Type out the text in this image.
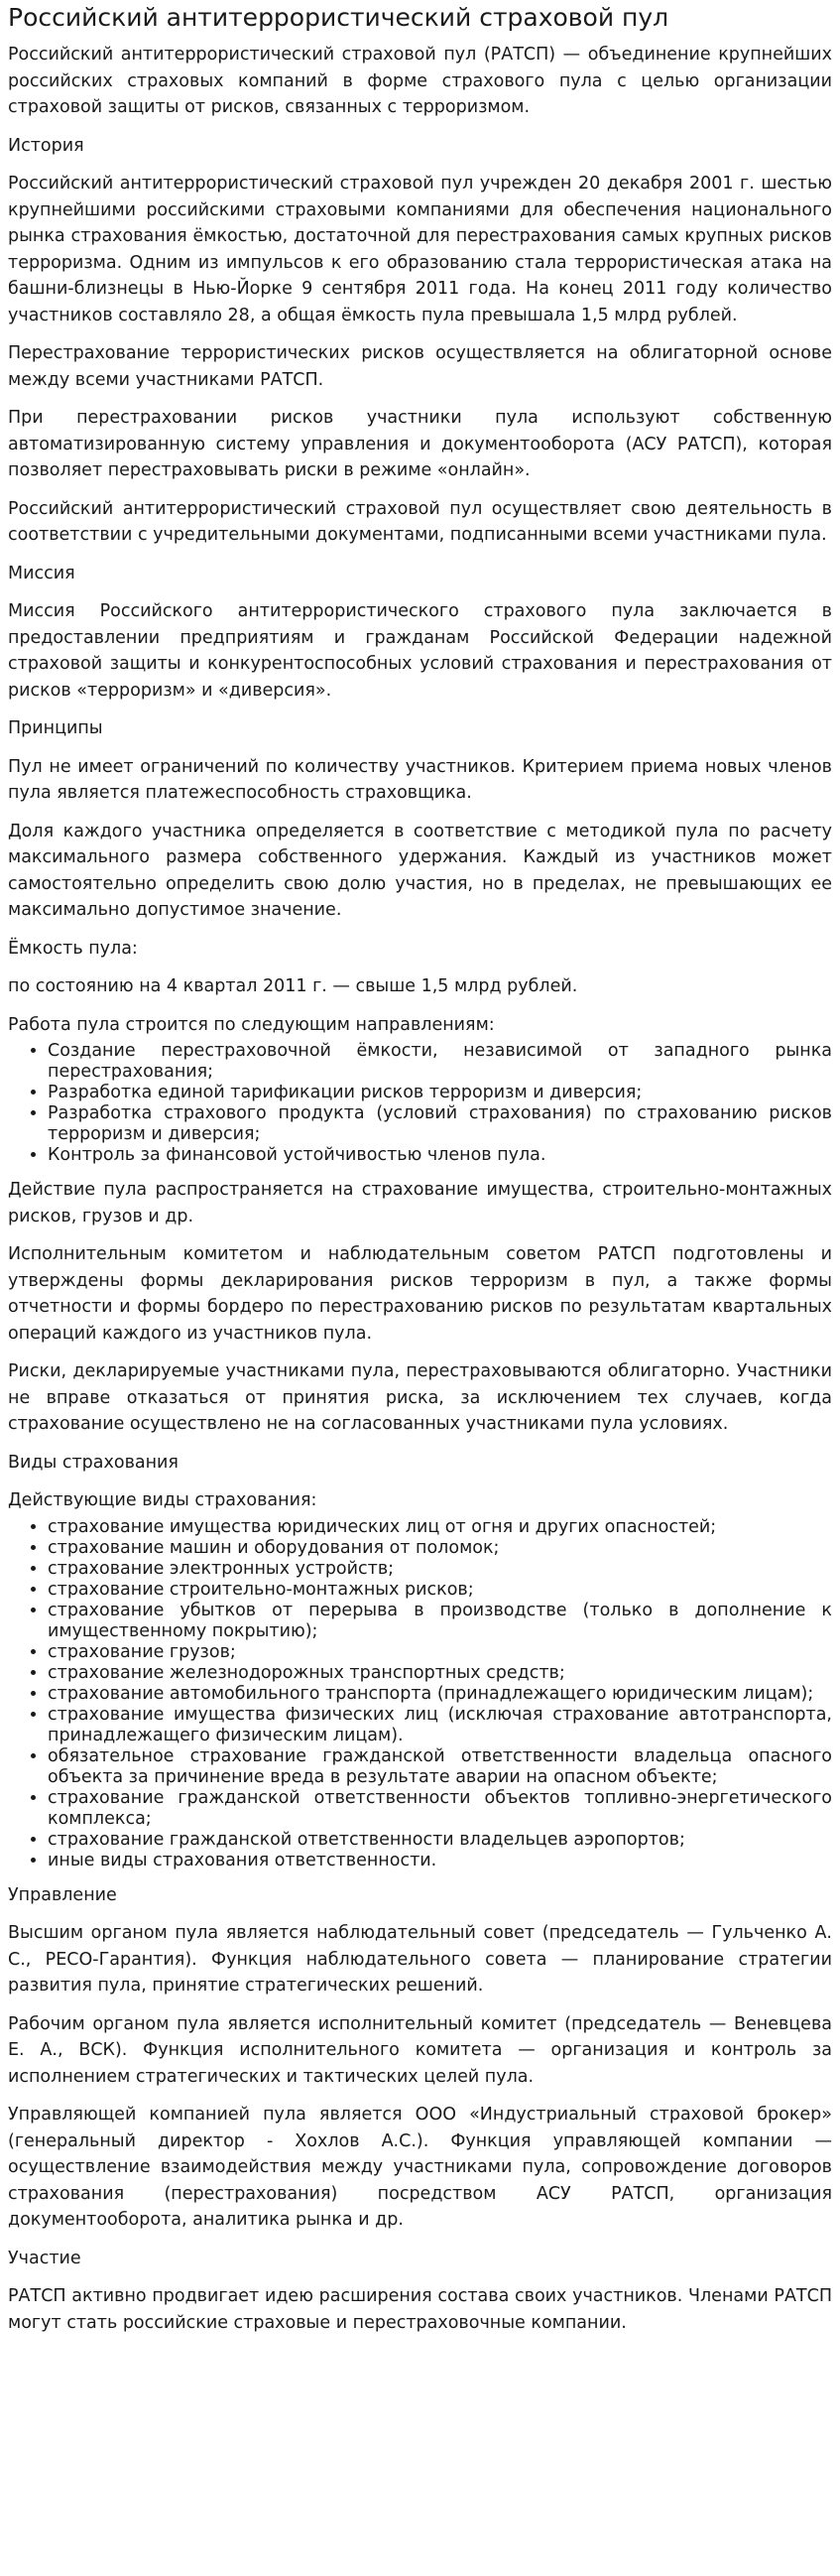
Российский антитеррористический страховой пул

Российский антитеррористический страховой пул (РАТСП) — объединение крупнейших российских страховых компаний в форме страхового пула с целью организации страховой защиты от рисков, связанных с терроризмом.

История

Российский антитеррористический страховой пул учрежден 20 декабря 2001 г. шестью крупнейшими российскими страховыми компаниями для обеспечения национального рынка страхования ёмкостью, достаточной для перестрахования самых крупных рисков терроризма. Одним из импульсов к его образованию стала террористическая атака на башни-близнецы в Нью-Йорке 9 сентября 2011 года. На конец 2011 году количество участников составляло 28, а общая ёмкость пула превышала 1,5 млрд рублей.

Перестрахование террористических рисков осуществляется на облигаторной основе между всеми участниками РАТСП.

При перестраховании рисков участники пула используют собственную автоматизированную систему управления и документооборота (АСУ РАТСП), которая позволяет перестраховывать риски в режиме «онлайн».

Российский антитеррористический страховой пул осуществляет свою деятельность в соответствии с учредительными документами, подписанными всеми участниками пула.

Миссия

Миссия Российского антитеррористического страхового пула заключается в предоставлении предприятиям и гражданам Российской Федерации надежной страховой защиты и конкурентоспособных условий страхования и перестрахования от рисков «терроризм» и «диверсия».

Принципы

Пул не имеет ограничений по количеству участников. Критерием приема новых членов пула является платежеспособность страховщика.

Доля каждого участника определяется в соответствие с методикой пула по расчету максимального размера собственного удержания. Каждый из участников может самостоятельно определить свою долю участия, но в пределах, не превышающих ее максимально допустимое значение.

Ёмкость пула:

по состоянию на 4 квартал 2011 г. — свыше 1,5 млрд рублей.

Работа пула строится по следующим направлениям:

• Создание перестраховочной ёмкости, независимой от западного рынка перестрахования;
• Разработка единой тарификации рисков терроризм и диверсия;
• Разработка страхового продукта (условий страхования) по страхованию рисков терроризм и диверсия;
• Контроль за финансовой устойчивостью членов пула.

Действие пула распространяется на страхование имущества, строительно-монтажных рисков, грузов и др.

Исполнительным комитетом и наблюдательным советом РАТСП подготовлены и утверждены формы декларирования рисков терроризм в пул, а также формы отчетности и формы бордеро по перестрахованию рисков по результатам квартальных операций каждого из участников пула.

Риски, декларируемые участниками пула, перестраховываются облигаторно. Участники не вправе отказаться от принятия риска, за исключением тех случаев, когда страхование осуществлено не на согласованных участниками пула условиях.

Виды страхования

Действующие виды страхования:

• страхование имущества юридических лиц от огня и других опасностей;
• страхование машин и оборудования от поломок;
• страхование электронных устройств;
• страхование строительно-монтажных рисков;
• страхование убытков от перерыва в производстве (только в дополнение к имущественному покрытию);
• страхование грузов;
• страхование железнодорожных транспортных средств;
• страхование автомобильного транспорта (принадлежащего юридическим лицам);
• страхование имущества физических лиц (исключая страхование автотранспорта, принадлежащего физическим лицам).
• обязательное страхование гражданской ответственности владельца опасного объекта за причинение вреда в результате аварии на опасном объекте;
• страхование гражданской ответственности объектов топливно-энергетического комплекса;
• страхование гражданской ответственности владельцев аэропортов;
• иные виды страхования ответственности.

Управление

Высшим органом пула является наблюдательный совет (председатель — Гульченко А. С., РЕСО-Гарантия). Функция наблюдательного совета — планирование стратегии развития пула, принятие стратегических решений.

Рабочим органом пула является исполнительный комитет (председатель — Веневцева Е. А., ВСК). Функция исполнительного комитета — организация и контроль за исполнением стратегических и тактических целей пула.

Управляющей компанией пула является ООО «Индустриальный страховой брокер» (генеральный директор - Хохлов А.С.). Функция управляющей компании — осуществление взаимодействия между участниками пула, сопровождение договоров страхования (перестрахования) посредством АСУ РАТСП, организация документооборота, аналитика рынка и др.

Участие

РАТСП активно продвигает идею расширения состава своих участников. Членами РАТСП могут стать российские страховые и перестраховочные компании.
